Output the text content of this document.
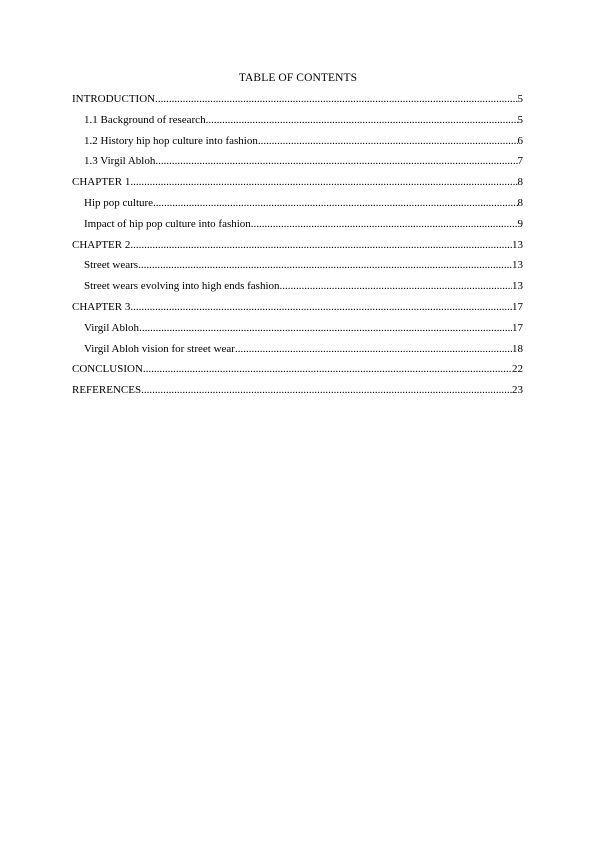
TABLE OF CONTENTS
INTRODUCTION .....	5
1.1 Background of research .....	5
1.2 History hip hop culture into fashion .....	6
1.3 Virgil Abloh .....	7
CHAPTER 1 .....	8
Hip pop culture .....	8
Impact of hip pop culture into fashion .....	9
CHAPTER 2 .....	13
Street wears .....	13
Street wears evolving into high ends fashion .....	13
CHAPTER 3 .....	17
Virgil Abloh .....	17
Virgil Abloh vision for street wear .....	18
CONCLUSION .....	22
REFERENCES .....	23
